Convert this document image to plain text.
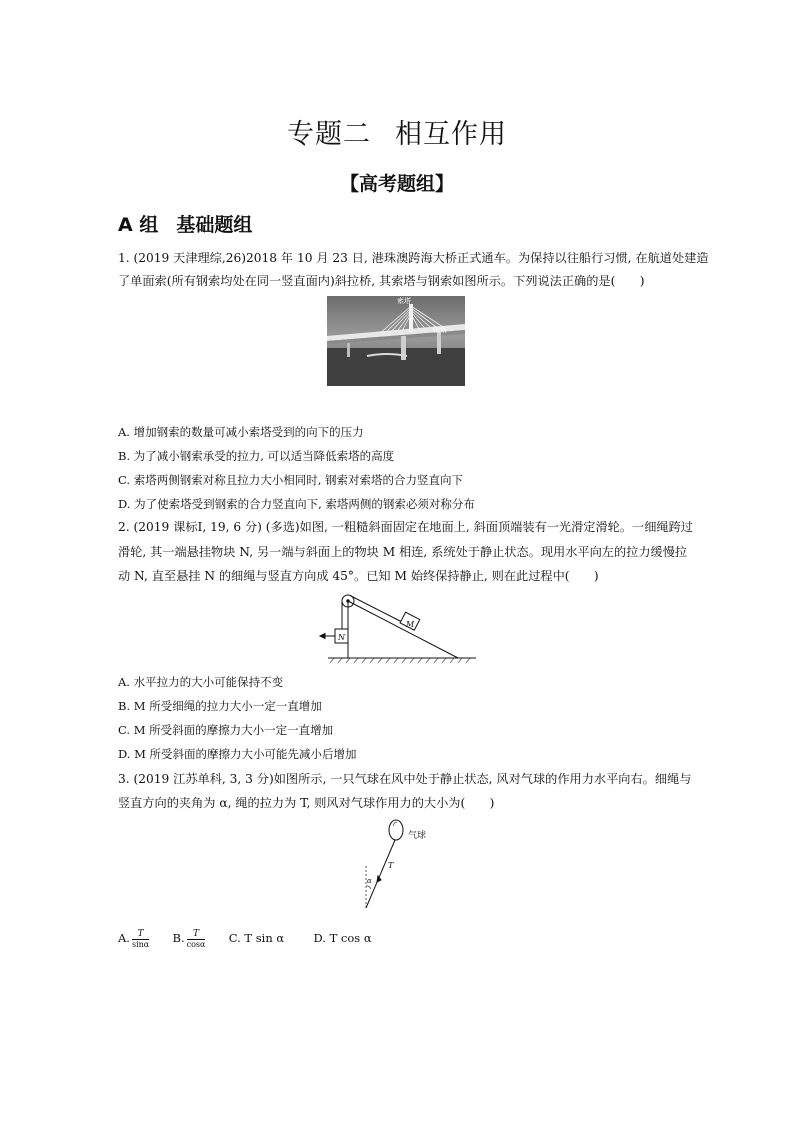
专题二 相互作用
【高考题组】
A 组 基础题组
1. (2019 天津理综,26)2018 年 10 月 23 日, 港珠澳跨海大桥正式通车。为保持以往船行习惯, 在航道处建造
了单面索(所有钢索均处在同一竖直面内)斜拉桥, 其索塔与钢索如图所示。下列说法正确的是(　　)
索塔
钢索
A. 增加钢索的数量可减小索塔受到的向下的压力
B. 为了减小钢索承受的拉力, 可以适当降低索塔的高度
C. 索塔两侧钢索对称且拉力大小相同时, 钢索对索塔的合力竖直向下
D. 为了使索塔受到钢索的合力竖直向下, 索塔两侧的钢索必须对称分布
2. (2019 课标Ⅰ, 19, 6 分) (多选)如图, 一粗糙斜面固定在地面上, 斜面顶端装有一光滑定滑轮。一细绳跨过
滑轮, 其一端悬挂物块 N, 另一端与斜面上的物块 M 相连, 系统处于静止状态。现用水平向左的拉力缓慢拉
动 N, 直至悬挂 N 的细绳与竖直方向成 45°。已知 M 始终保持静止, 则在此过程中(　　)
N
M
A. 水平拉力的大小可能保持不变
B. M 所受细绳的拉力大小一定一直增加
C. M 所受斜面的摩擦力大小一定一直增加
D. M 所受斜面的摩擦力大小可能先减小后增加
3. (2019 江苏单科, 3, 3 分)如图所示, 一只气球在风中处于静止状态, 风对气球的作用力水平向右。细绳与
竖直方向的夹角为 α, 绳的拉力为 T, 则风对气球作用力的大小为(　　)
气球
T
α
A. $\frac{T}{\sin\alpha} B$. $\frac{T}{\cos\alpha} C$. T sin α	D. T cos α
